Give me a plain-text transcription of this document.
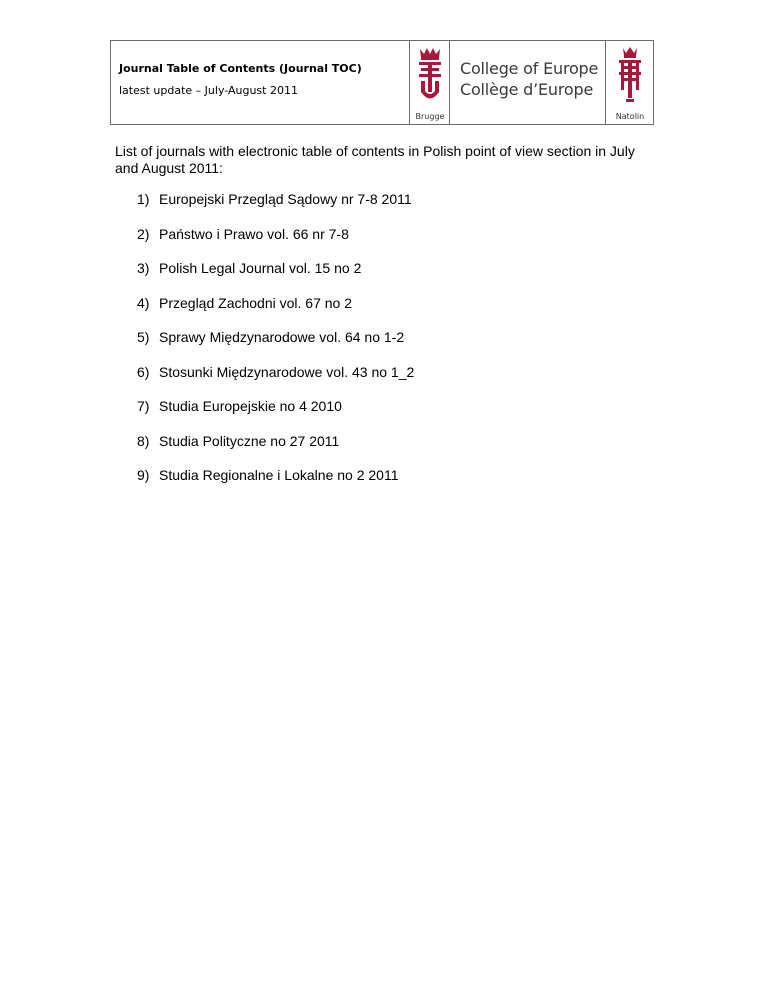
Journal Table of Contents (Journal TOC)
latest update – July-August 2011
Brugge
College of Europe
Collège d’Europe
Natolin
List of journals with electronic table of contents in Polish point of view section in July and August 2011:
1) Europejski Przegląd Sądowy nr 7-8 2011
2) Państwo i Prawo vol. 66 nr 7-8
3) Polish Legal Journal vol. 15 no 2
4) Przegląd Zachodni vol. 67 no 2
5) Sprawy Międzynarodowe vol. 64 no 1-2
6) Stosunki Międzynarodowe vol. 43 no 1_2
7) Studia Europejskie no 4 2010
8) Studia Polityczne no 27 2011
9) Studia Regionalne i Lokalne no 2 2011
